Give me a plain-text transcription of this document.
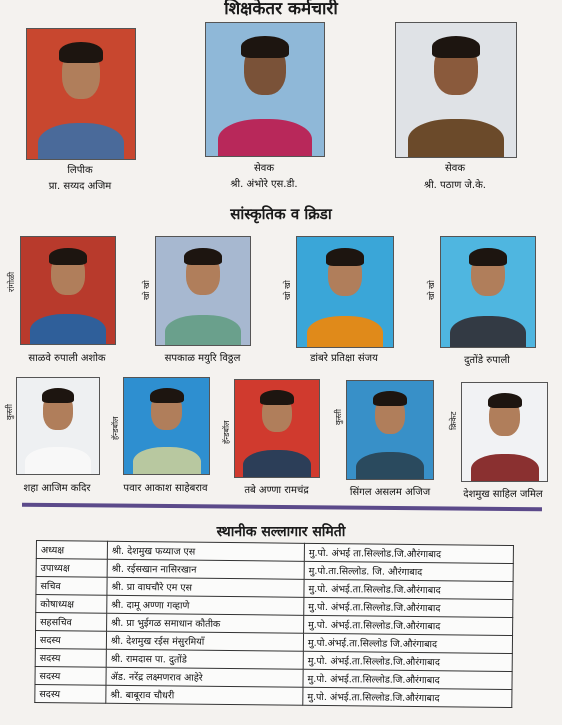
शिक्षकेतर कर्मचारी
लिपीक
प्रा. सय्यद अजिम
सेवक
श्री. अंभोरे एस.डी.
सेवक
श्री. पठाण जे.के.
सांस्कृतिक व क्रिडा
रांगोळी	खो खो	खो खो	खो खो
साळवे रुपाली अशोक	सपकाळ मयुरि विठ्ठल	डांबरे प्रतिक्षा संजय	दुतोंडे रुपाली
कुस्ती
हॅन्डबॉल	हॅन्डबॉल
कुस्ती	क्रिकेट
शहा आजिम कदिर	पवार आकाश साहेबराव	तबे अण्णा रामचंद्र	सिंगल असलम अजिज	देशमुख साहिल जमिल
स्थानीक सल्लागार समिती
अध्यक्ष	श्री. देशमुख फय्याज एस	मु.पो. अंभई ता.सिल्लोड.जि.औरंगाबाद
उपाध्यक्ष	श्री. रईसखान नासिरखान	मु.पो.ता.सिल्लोड. जि. औरंगाबाद
सचिव	श्री. प्रा वाघचौरे एम एस	मु.पो. अंभई.ता.सिल्लोड.जि.औरंगाबाद
कोषाध्यक्ष	श्री. दामू अण्णा गव्हाणे	मु.पो. अंभई.ता.सिल्लोड.जि.औरंगाबाद
सहसचिव	श्री. प्रा भुईगळ समाधान कौतीक	मु.पो. अंभई.ता.सिल्लोड.जि.औरंगाबाद
सदस्य	श्री. देशमुख रईस मंसुरमियाँ	मु.पो.अंभई.ता.सिल्लोड जि.औरंगाबाद
सदस्य	श्री. रामदास पा. दुतोंडे	मु.पो. अंभई.ता.सिल्लोड.जि.औरंगाबाद
सदस्य	ॲड. नरेंद्र लक्ष्मणराव आहेरे	मु.पो. अंभई.ता.सिल्लोड.जि.औरंगाबाद
सदस्य	श्री. बाबूराव चौधरी	मु.पो. अंभई.ता.सिल्लोड.जि.औरंगाबाद
